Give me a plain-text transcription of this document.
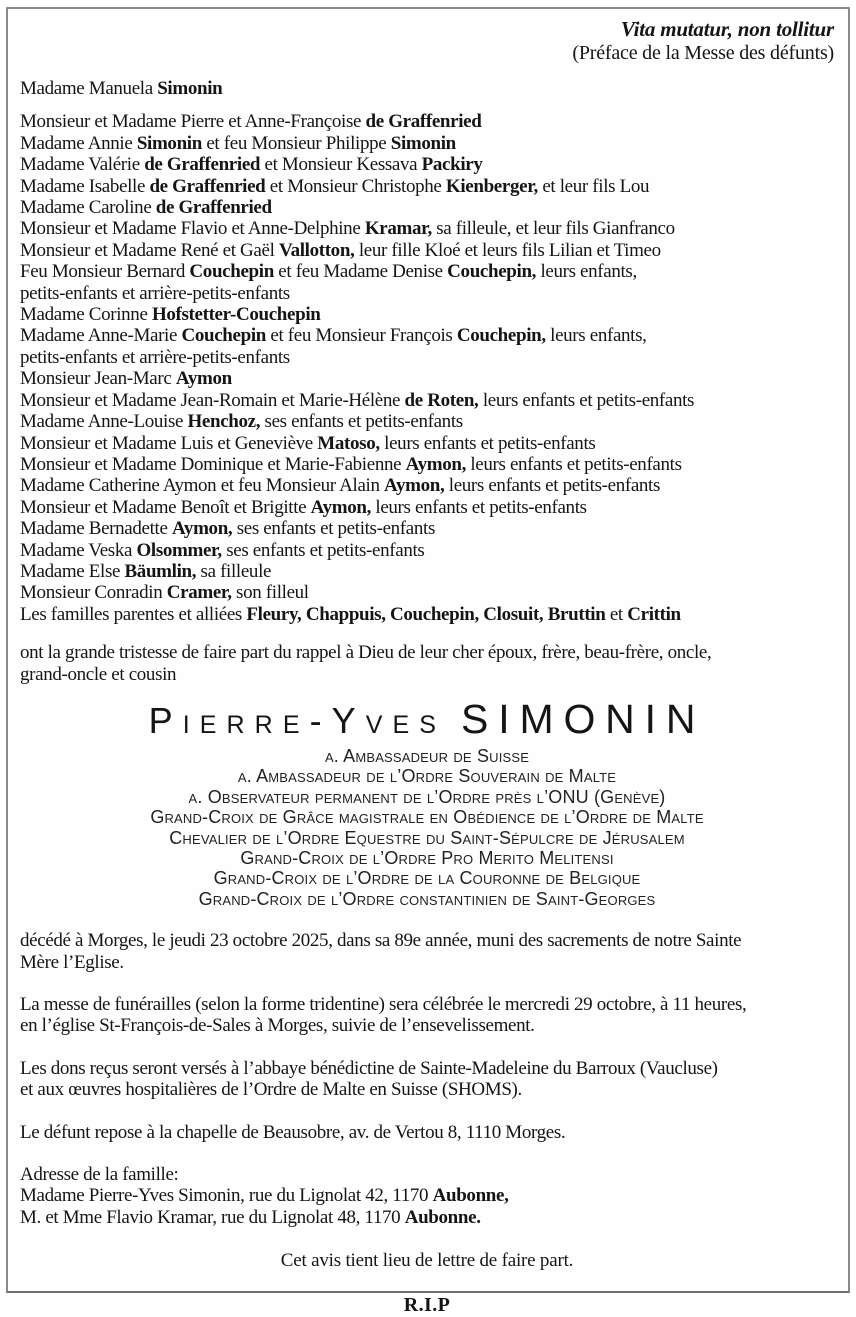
Vita mutatur, non tollitur
(Préface de la Messe des défunts)
Madame Manuela Simonin
Monsieur et Madame Pierre et Anne-Françoise de Graffenried
Madame Annie Simonin et feu Monsieur Philippe Simonin
Madame Valérie de Graffenried et Monsieur Kessava Packiry
Madame Isabelle de Graffenried et Monsieur Christophe Kienberger, et leur fils Lou
Madame Caroline de Graffenried
Monsieur et Madame Flavio et Anne-Delphine Kramar, sa filleule, et leur fils Gianfranco
Monsieur et Madame René et Gaël Vallotton, leur fille Kloé et leurs fils Lilian et Timeo
Feu Monsieur Bernard Couchepin et feu Madame Denise Couchepin, leurs enfants,
petits-enfants et arrière-petits-enfants
Madame Corinne Hofstetter-Couchepin
Madame Anne-Marie Couchepin et feu Monsieur François Couchepin, leurs enfants,
petits-enfants et arrière-petits-enfants
Monsieur Jean-Marc Aymon
Monsieur et Madame Jean-Romain et Marie-Hélène de Roten, leurs enfants et petits-enfants
Madame Anne-Louise Henchoz, ses enfants et petits-enfants
Monsieur et Madame Luis et Geneviève Matoso, leurs enfants et petits-enfants
Monsieur et Madame Dominique et Marie-Fabienne Aymon, leurs enfants et petits-enfants
Madame Catherine Aymon et feu Monsieur Alain Aymon, leurs enfants et petits-enfants
Monsieur et Madame Benoît et Brigitte Aymon, leurs enfants et petits-enfants
Madame Bernadette Aymon, ses enfants et petits-enfants
Madame Veska Olsommer, ses enfants et petits-enfants
Madame Else Bäumlin, sa filleule
Monsieur Conradin Cramer, son filleul
Les familles parentes et alliées Fleury, Chappuis, Couchepin, Closuit, Bruttin et Crittin
ont la grande tristesse de faire part du rappel à Dieu de leur cher époux, frère, beau-frère, oncle,
grand-oncle et cousin
Pierre-Yves SIMONIN
a. Ambassadeur de Suisse
a. Ambassadeur de l’Ordre Souverain de Malte
a. Observateur permanent de l’Ordre près l’ONU (Genève)
Grand-Croix de Grâce magistrale en Obédience de l’Ordre de Malte
Chevalier de l’Ordre Equestre du Saint-Sépulcre de Jérusalem
Grand-Croix de l’Ordre Pro Merito Melitensi
Grand-Croix de l’Ordre de la Couronne de Belgique
Grand-Croix de l’Ordre constantinien de Saint-Georges
décédé à Morges, le jeudi 23 octobre 2025, dans sa 89e année, muni des sacrements de notre Sainte
Mère l’Eglise.
La messe de funérailles (selon la forme tridentine) sera célébrée le mercredi 29 octobre, à 11 heures,
en l’église St-François-de-Sales à Morges, suivie de l’ensevelissement.
Les dons reçus seront versés à l’abbaye bénédictine de Sainte-Madeleine du Barroux (Vaucluse)
et aux œuvres hospitalières de l’Ordre de Malte en Suisse (SHOMS).
Le défunt repose à la chapelle de Beausobre, av. de Vertou 8, 1110 Morges.
Adresse de la famille:
Madame Pierre-Yves Simonin, rue du Lignolat 42, 1170 Aubonne,
M. et Mme Flavio Kramar, rue du Lignolat 48, 1170 Aubonne.
Cet avis tient lieu de lettre de faire part.
R.I.P
